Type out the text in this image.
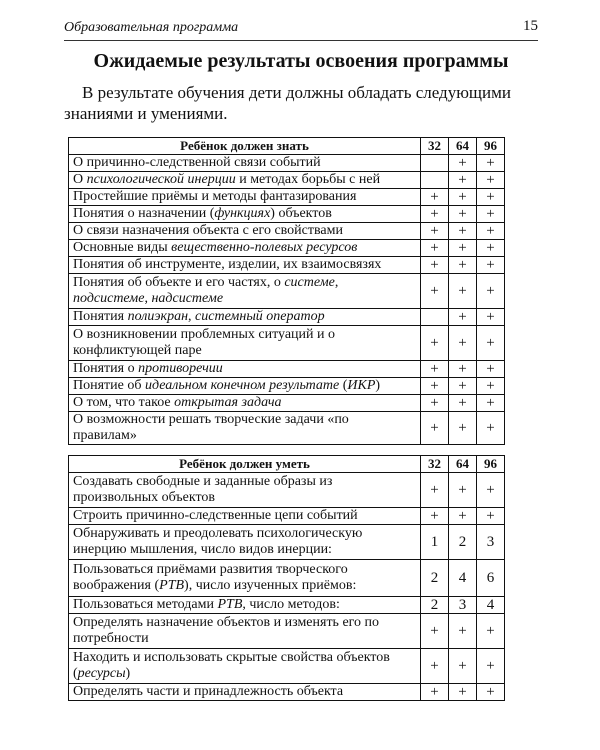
Образовательная программа	15
Ожидаемые результаты освоения программы
В результате обучения дети должны обладать следующими знаниями и умениями.
Ребёнок должен знать	32	64	96
О причинно-следственной связи событий		+	+
О психологической инерции и методах борьбы с ней		+	+
Простейшие приёмы и методы фантазирования	+	+	+
Понятия о назначении (функциях) объектов	+	+	+
О связи назначения объекта с его свойствами	+	+	+
Основные виды вещественно-полевых ресурсов	+	+	+
Понятия об инструменте, изделии, их взаимосвязях	+	+	+
Понятия об объекте и его частях, о системе, подсистеме, надсистеме	+	+	+
Понятия полиэкран, системный оператор		+	+
О возникновении проблемных ситуаций и о конфликтующей паре	+	+	+
Понятия о противоречии	+	+	+
Понятие об идеальном конечном результате (ИКР)	+	+	+
О том, что такое открытая задача	+	+	+
О возможности решать творческие задачи «по правилам»	+	+	+
Ребёнок должен уметь	32	64	96
Создавать свободные и заданные образы из произвольных объектов	+	+	+
Строить причинно-следственные цепи событий	+	+	+
Обнаруживать и преодолевать психологическую инерцию мышления, число видов инерции:	1	2	3
Пользоваться приёмами развития творческого воображения (РТВ), число изученных приёмов:	2	4	6
Пользоваться методами РТВ, число методов:	2	3	4
Определять назначение объектов и изменять его по потребности	+	+	+
Находить и использовать скрытые свойства объектов (ресурсы)	+	+	+
Определять части и принадлежность объекта	+	+	+
